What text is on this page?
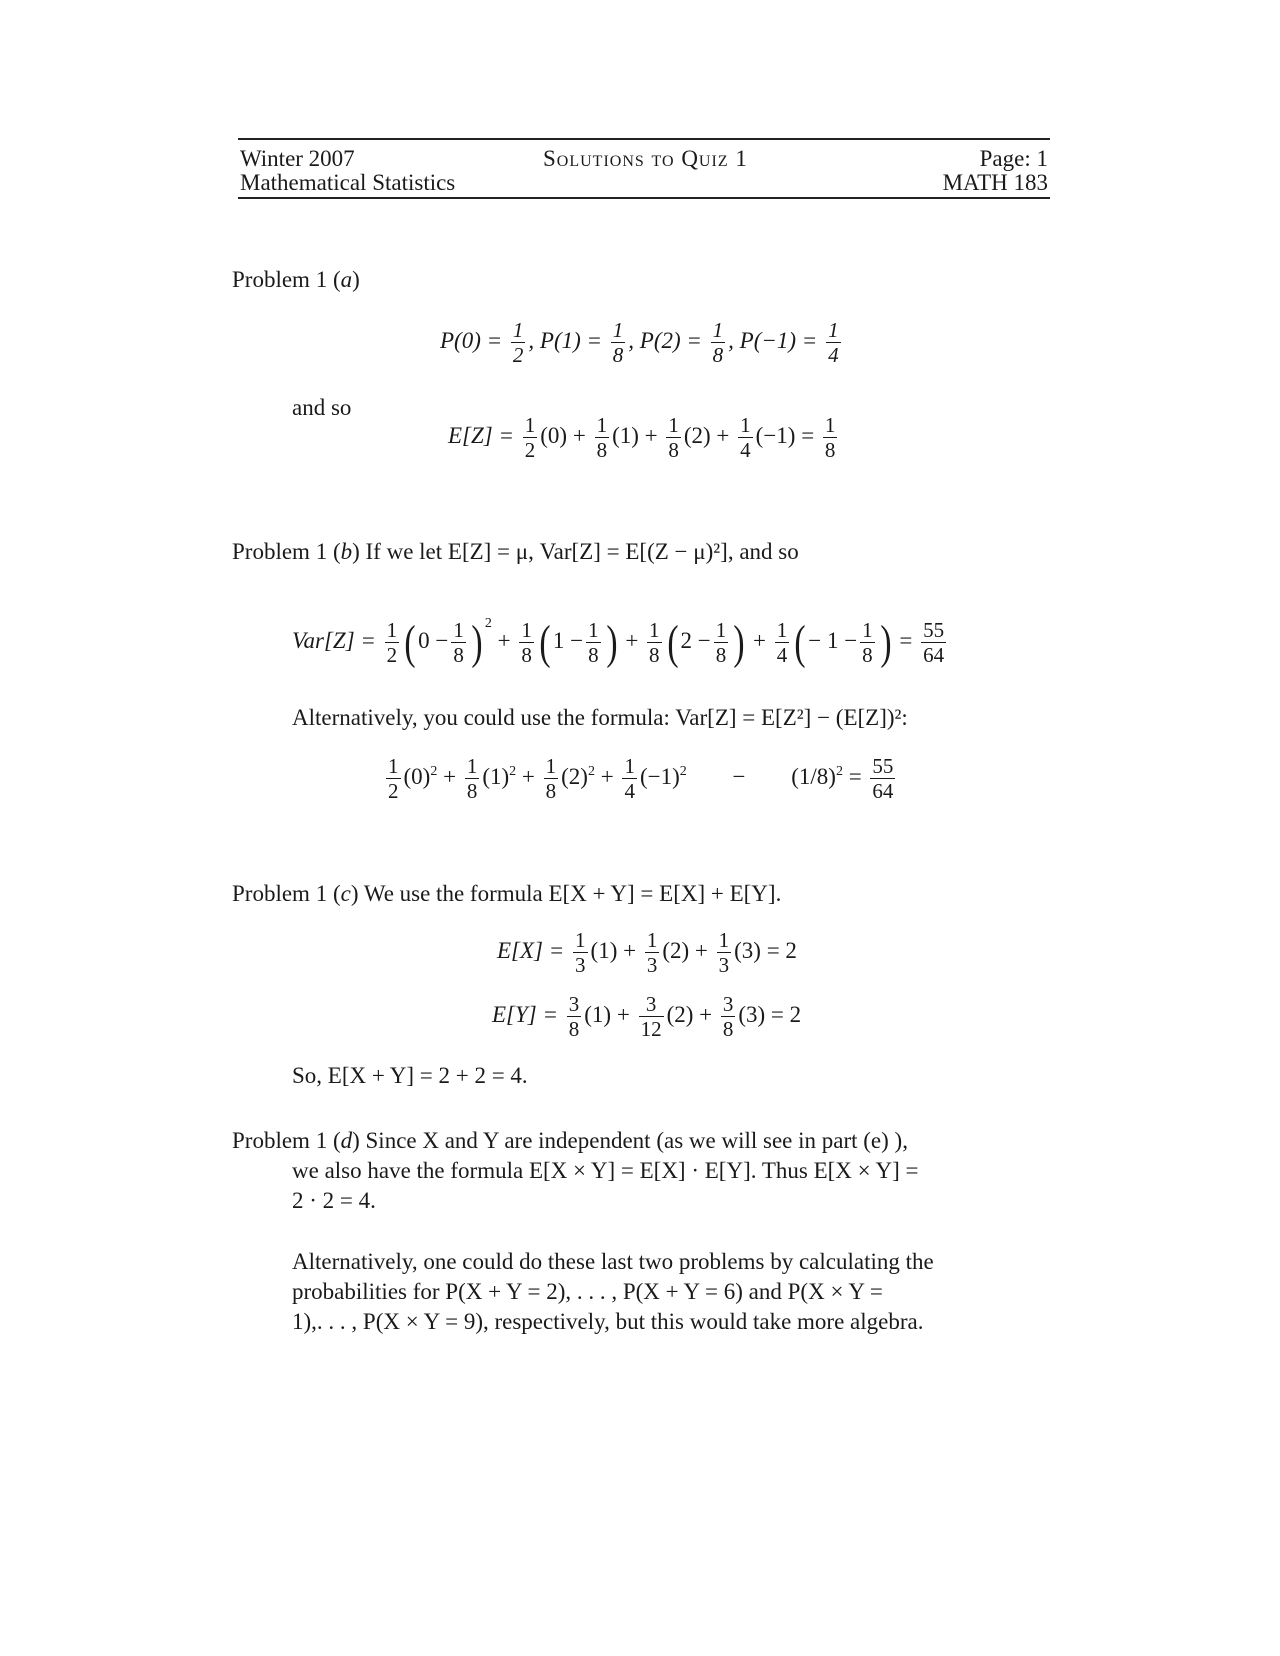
Winter 2007
Mathematical Statistics
Solutions to Quiz 1	Page: 1
MATH 183
Problem 1 (a)
$P(0) = \frac{1}{2}$ , $P(1) = \frac{1}{8}$ , $P(2) = \frac{1}{8}$ , $P(-1) = \frac{1}{4}$
and so
$E[Z] = \frac{1}{2} (0) + \frac{1}{8} (1) + \frac{1}{8} (2) + \frac{1}{4} (-1) = \frac{1}{8}$
Problem 1 (b) If we let E[Z] = μ, Var[Z] = E[(Z − μ)²], and so
$Var[Z] = \frac{1}{2}$ ( $0 - \frac{1}{8}$ ) $^2 + \frac{1}{8}$ ( $1 - \frac{1}{8}$ ) + $\frac{1}{8}$ ( $2 - \frac{1}{8}$ ) + $\frac{1}{4}$ ( − $1 - \frac{1}{8}$ ) = $\frac{55}{64}$
Alternatively, you could use the formula: Var[Z] = E[Z²] − (E[Z])²:
$\frac{1}{2} (0)^2 + \frac{1}{8} (1)^2 + \frac{1}{8} (2)^2 + \frac{1}{4} (-1)^2 - (1/8)^2 = \frac{55}{64}$
Problem 1 (c) We use the formula E[X + Y] = E[X] + E[Y].
$E[X] = \frac{1}{3} (1) + \frac{1}{3} (2) + \frac{1}{3} (3) = 2$
$E[Y] = \frac{3}{8} (1) + \frac{3}{12} (2) + \frac{3}{8} (3) = 2$
So, E[X + Y] = 2 + 2 = 4.
Problem 1 (d) Since X and Y are independent (as we will see in part (e) ),
we also have the formula E[X × Y] = E[X] · E[Y]. Thus E[X × Y] =
2 · 2 = 4.
Alternatively, one could do these last two problems by calculating the
probabilities for P(X + Y = 2), . . . , P(X + Y = 6) and P(X × Y =
1),. . . , P(X × Y = 9), respectively, but this would take more algebra.
